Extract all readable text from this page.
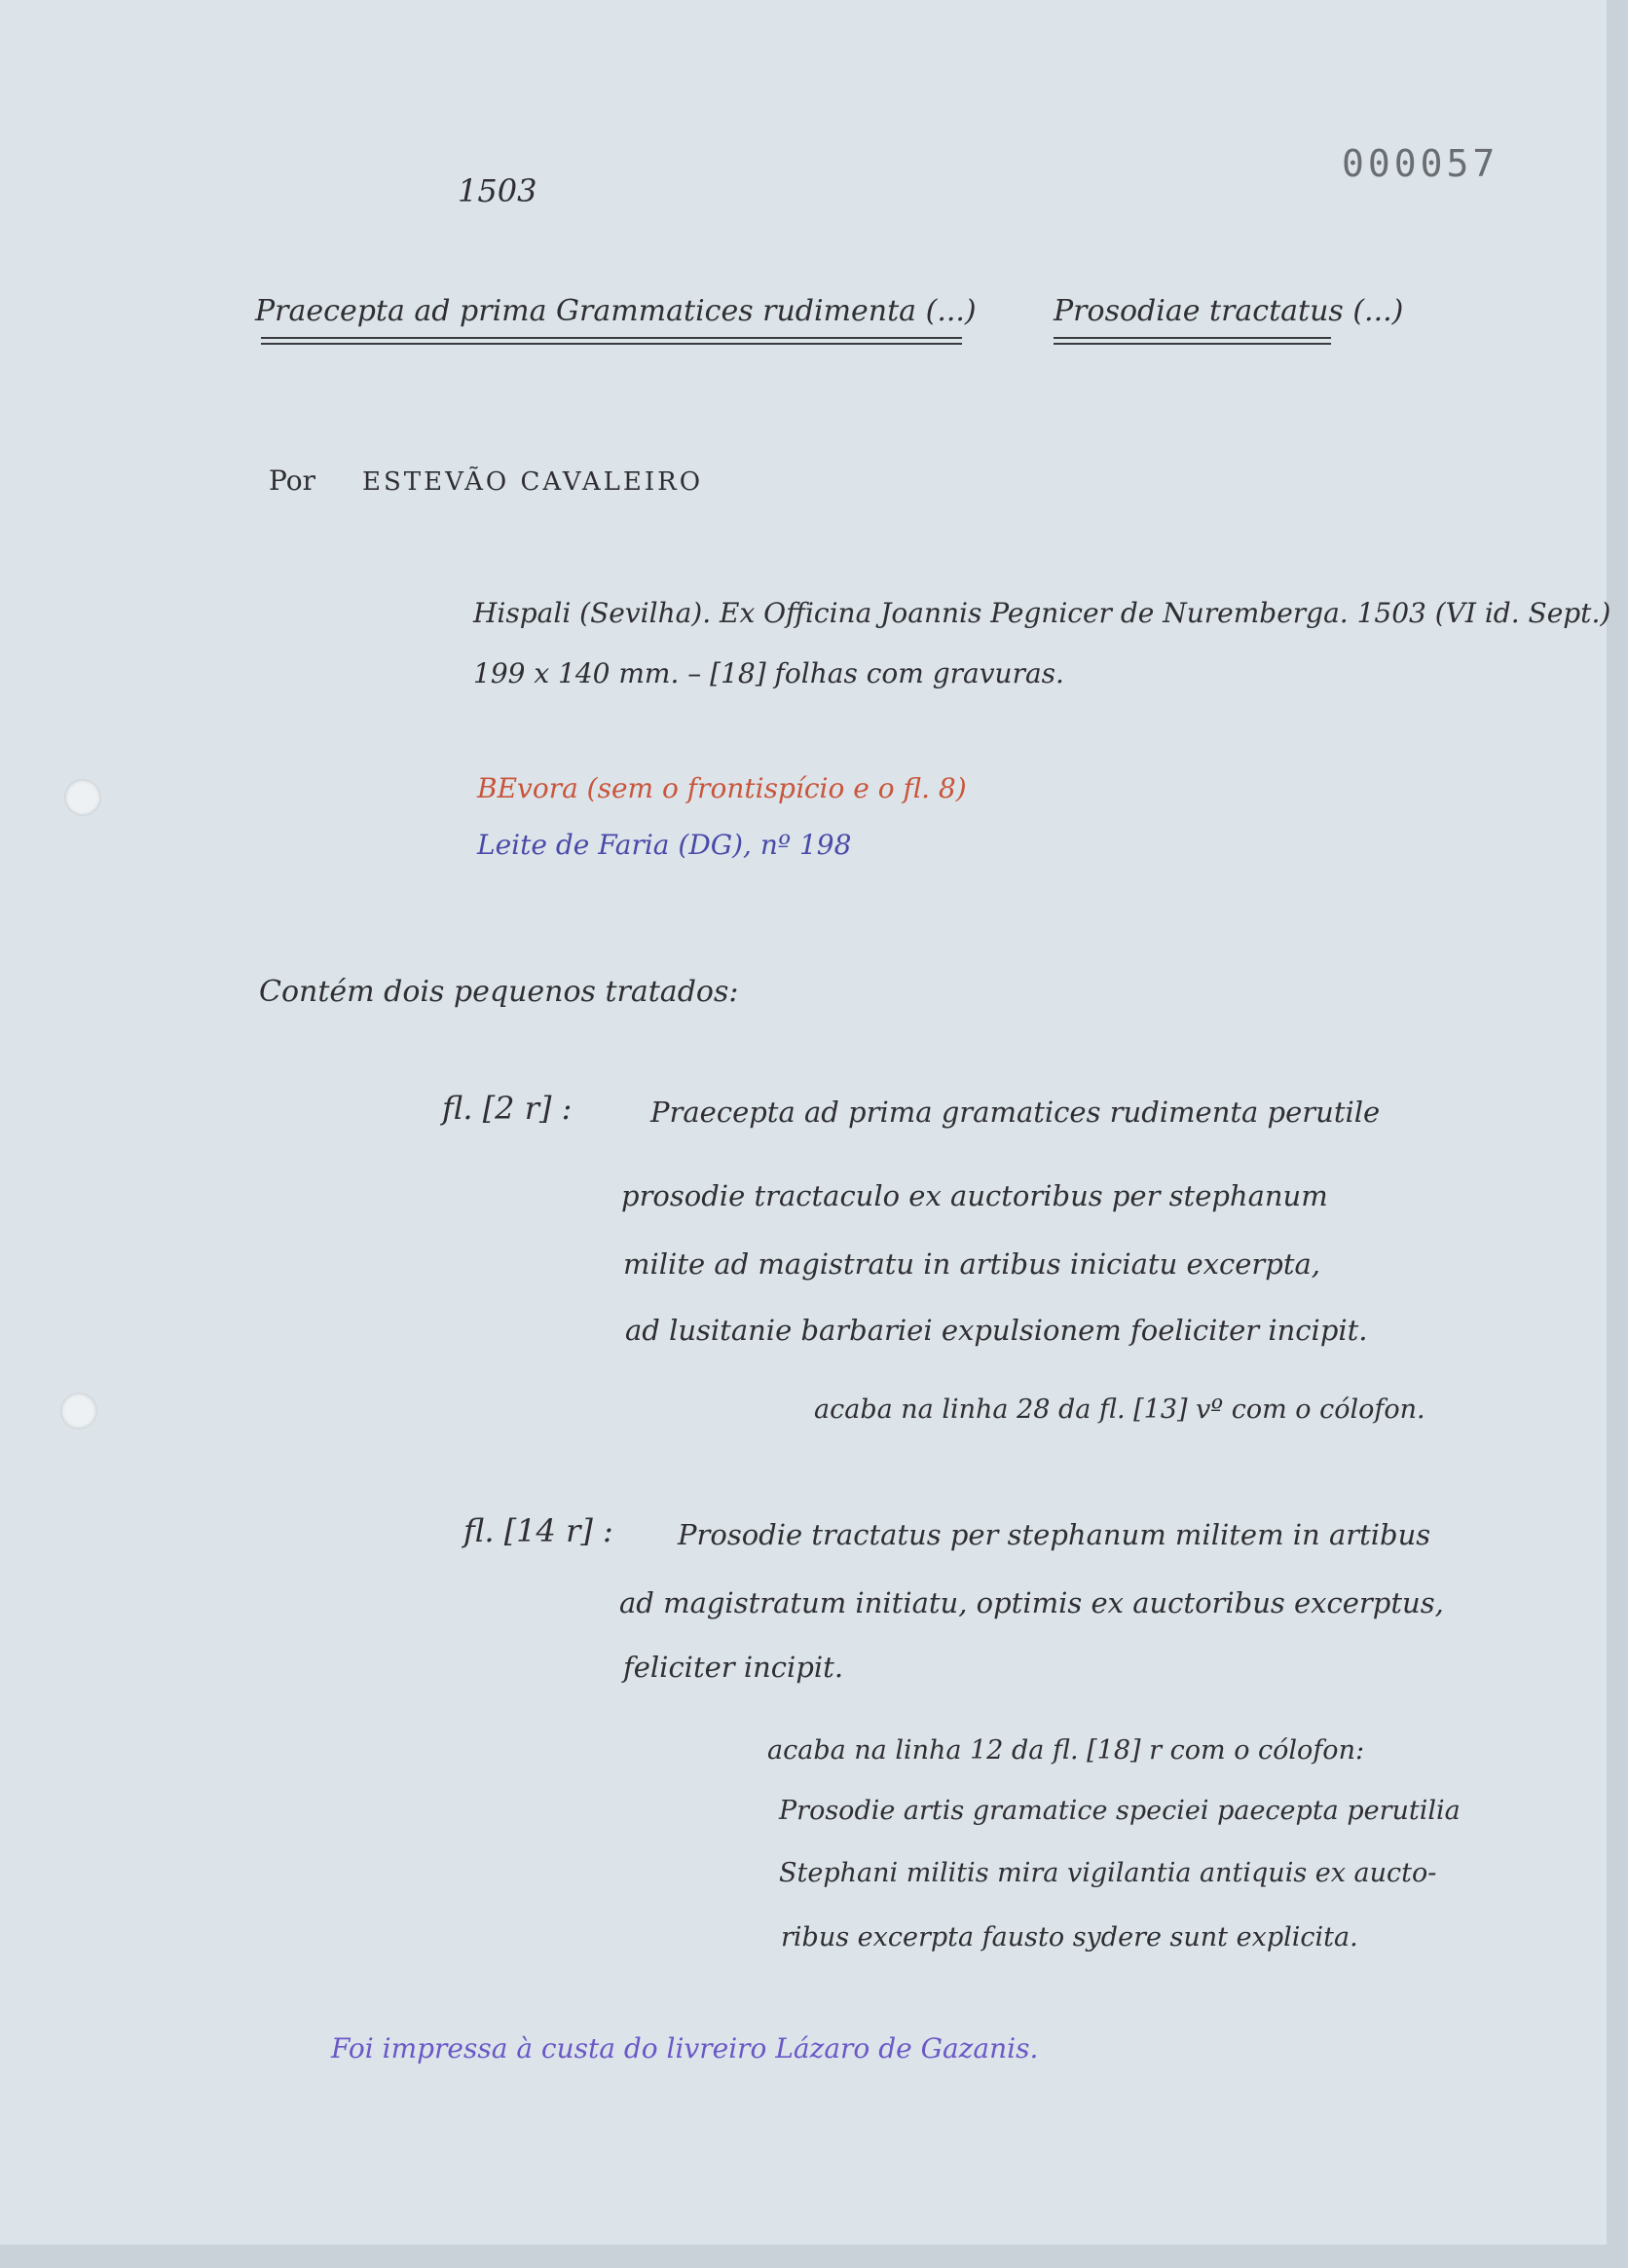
000057
1503
Praecepta ad prima Grammatices rudimenta (...)	Prosodiae tractatus (...)
Por ESTEVÃO CAVALEIRO
Hispali (Sevilha). Ex Officina Joannis Pegnicer de Nuremberga. 1503 (VI id. Sept.)
199 x 140 mm. – [18] folhas com gravuras.
BEvora (sem o frontispício e o fl. 8)
Leite de Faria (DG), nº 198
Contém dois pequenos tratados:
fl. [2 r] :	Praecepta ad prima gramatices rudimenta perutile
prosodie tractaculo ex auctoribus per stephanum
milite ad magistratu in artibus iniciatu excerpta,
ad lusitanie barbariei expulsionem foeliciter incipit.
acaba na linha 28 da fl. [13] vº com o cólofon.
fl. [14 r] : Prosodie tractatus per stephanum militem in artibus
ad magistratum initiatu, optimis ex auctoribus excerptus,
feliciter incipit.
acaba na linha 12 da fl. [18] r com o cólofon:
Prosodie artis gramatice speciei paecepta perutilia
Stephani militis mira vigilantia antiquis ex aucto-
ribus excerpta fausto sydere sunt explicita.
Foi impressa à custa do livreiro Lázaro de Gazanis.
